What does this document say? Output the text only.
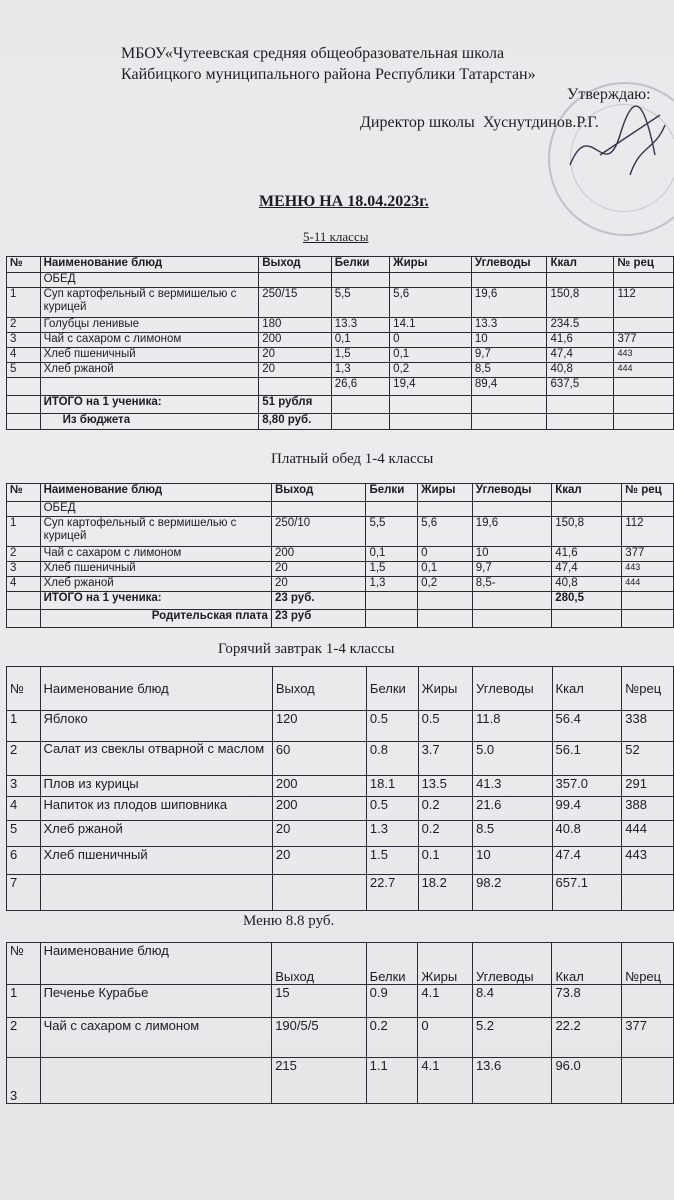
МБОУ«Чутеевская средняя общеобразовательная школа
Кайбицкого муниципального района Республики Татарстан»
Утверждаю:
Директор школы Хуснутдинов.Р.Г.
МЕНЮ НА 18.04.2023г.
5-11 классы
№	Наименование блюд	Выход	Белки	Жиры	Углеводы	Ккал	№ рец
	ОБЕД						
1	Суп картофельный с вермишелью с курицей	250/15	5,5	5,6	19,6	150,8	112
2	Голубцы ленивые	180	13.3	14.1	13.3	234.5	
3	Чай с сахаром с лимоном	200	0,1	0	10	41,6	377
4	Хлеб пшеничный	20	1,5	0,1	9,7	47,4	443
5	Хлеб ржаной	20	1,3	0,2	8,5	40,8	444
			26,6	19,4	89,4	637,5	
	ИТОГО на 1 ученика:	51 рубля					
	Из бюджета	8,80 руб.					
Платный обед 1-4 классы
№	Наименование блюд	Выход	Белки	Жиры	Углеводы	Ккал	№ рец
	ОБЕД						
1	Суп картофельный с вермишелью с курицей	250/10	5,5	5,6	19,6	150,8	112
2	Чай с сахаром с лимоном	200	0,1	0	10	41,6	377
3	Хлеб пшеничный	20	1,5	0,1	9,7	47,4	443
4	Хлеб ржаной	20	1,3	0,2	8,5-	40,8	444
	ИТОГО на 1 ученика:	23 руб.				280,5	
	Родительская плата	23 руб					
Горячий завтрак 1-4 классы
№	Наименование блюд	Выход	Белки	Жиры	Углеводы	Ккал	№рец
1	Яблоко	120	0.5	0.5	11.8	56.4	338
2	Салат из свеклы отварной с маслом	60	0.8	3.7	5.0	56.1	52
3	Плов из курицы	200	18.1	13.5	41.3	357.0	291
4	Напиток из плодов шиповника	200	0.5	0.2	21.6	99.4	388
5	Хлеб ржаной	20	1.3	0.2	8.5	40.8	444
6	Хлеб пшеничный	20	1.5	0.1	10	47.4	443
7			22.7	18.2	98.2	657.1	
Меню 8.8 руб.
№	Наименование блюд	Выход	Белки	Жиры	Углеводы	Ккал	№рец
1	Печенье Курабье	15	0.9	4.1	8.4	73.8	
2	Чай с сахаром с лимоном	190/5/5	0.2	0	5.2	22.2	377
3		215	1.1	4.1	13.6	96.0	
